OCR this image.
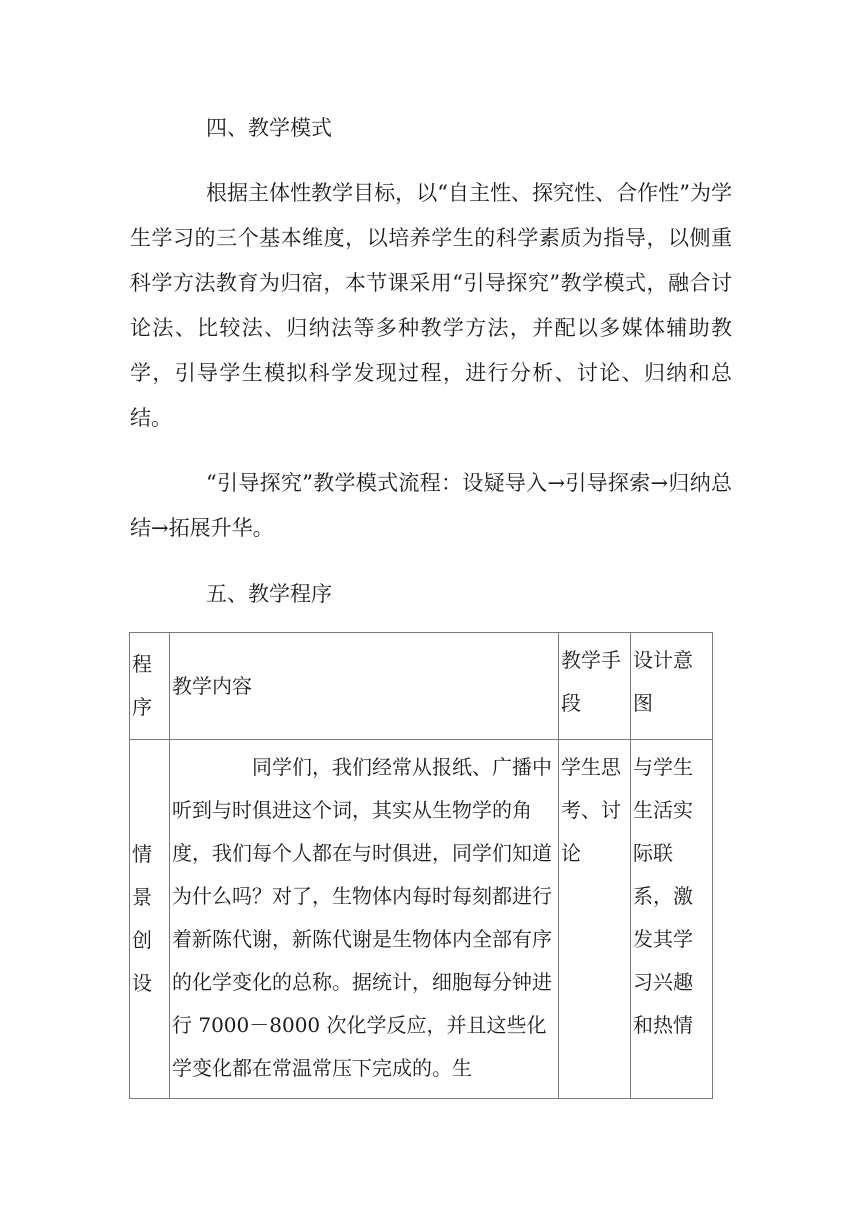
四、教学模式

根据主体性教学目标，以“自主性、探究性、合作性”为学生学习的三个基本维度，以培养学生的科学素质为指导，以侧重科学方法教育为归宿，本节课采用“引导探究”教学模式，融合讨论法、比较法、归纳法等多种教学方法，并配以多媒体辅助教学，引导学生模拟科学发现过程，进行分析、讨论、归纳和总结。

“引导探究”教学模式流程：设疑导入→引导探索→归纳总结→拓展升华。

五、教学程序
程序	教学内容	教学手段	设计意图

情景创设	同学们，我们经常从报纸、广播中听到与时俱进这个词，其实从生物学的角度，我们每个人都在与时俱进，同学们知道为什么吗？对了，生物体内每时每刻都进行着新陈代谢，新陈代谢是生物体内全部有序的化学变化的总称。据统计，细胞每分钟进行 7000－8000 次化学反应，并且这些化学变化都在常温常压下完成的。生	学生思考、讨论	与学生生活实际联系，激发其学习兴趣和热情
